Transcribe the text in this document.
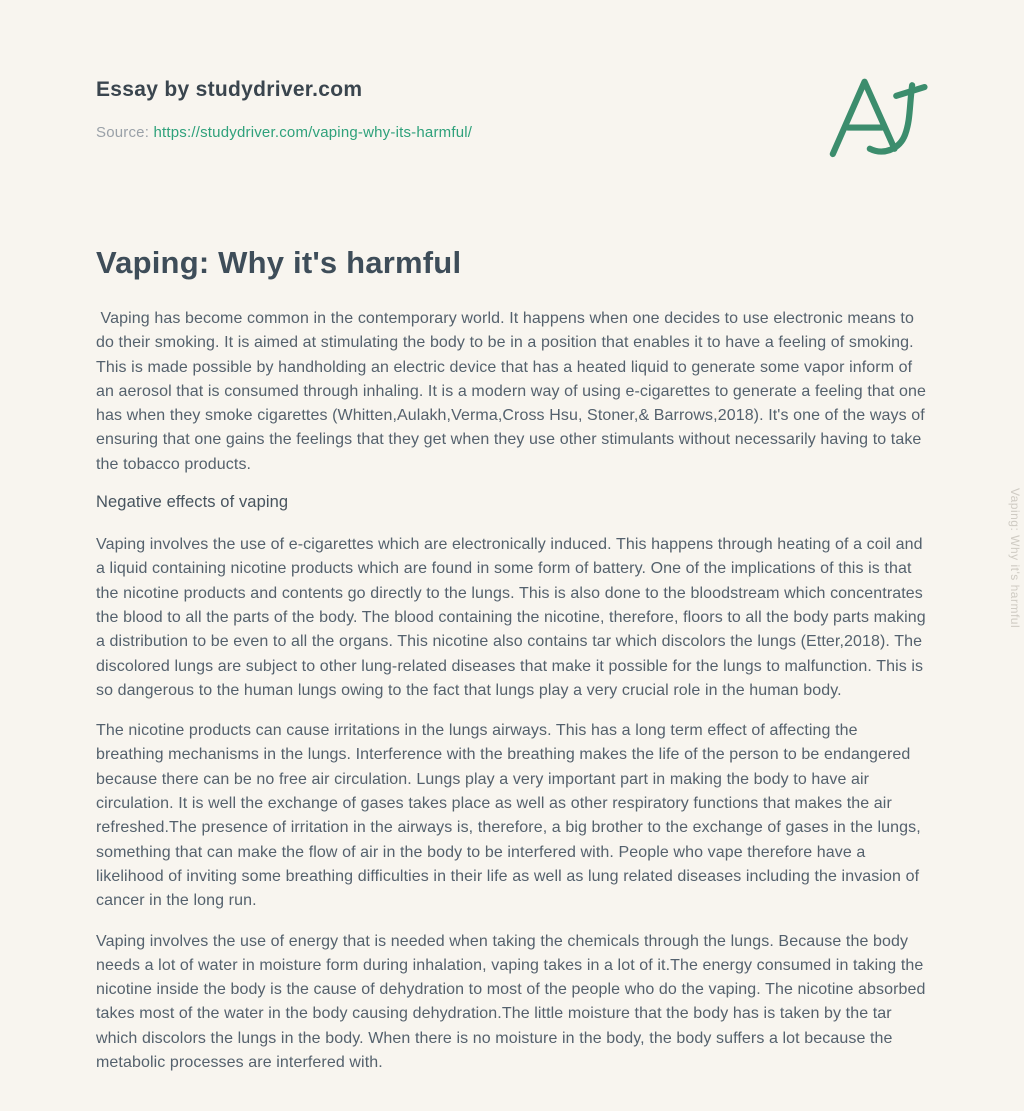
Essay by studydriver.com
Source: https://studydriver.com/vaping-why-its-harmful/
Vaping: Why it's harmful

Vaping has become common in the contemporary world. It happens when one decides to use electronic means to do their smoking. It is aimed at stimulating the body to be in a position that enables it to have a feeling of smoking. This is made possible by handholding an electric device that has a heated liquid to generate some vapor inform of an aerosol that is consumed through inhaling. It is a modern way of using e-cigarettes to generate a feeling that one has when they smoke cigarettes (Whitten,Aulakh,Verma,Cross Hsu, Stoner,& Barrows,2018). It's one of the ways of ensuring that one gains the feelings that they get when they use other stimulants without necessarily having to take the tobacco products.

Negative effects of vaping

Vaping involves the use of e-cigarettes which are electronically induced. This happens through heating of a coil and a liquid containing nicotine products which are found in some form of battery. One of the implications of this is that the nicotine products and contents go directly to the lungs. This is also done to the bloodstream which concentrates the blood to all the parts of the body. The blood containing the nicotine, therefore, floors to all the body parts making a distribution to be even to all the organs. This nicotine also contains tar which discolors the lungs (Etter,2018). The discolored lungs are subject to other lung-related diseases that make it possible for the lungs to malfunction. This is so dangerous to the human lungs owing to the fact that lungs play a very crucial role in the human body.

The nicotine products can cause irritations in the lungs airways. This has a long term effect of affecting the breathing mechanisms in the lungs. Interference with the breathing makes the life of the person to be endangered because there can be no free air circulation. Lungs play a very important part in making the body to have air circulation. It is well the exchange of gases takes place as well as other respiratory functions that makes the air refreshed.The presence of irritation in the airways is, therefore, a big brother to the exchange of gases in the lungs, something that can make the flow of air in the body to be interfered with. People who vape therefore have a likelihood of inviting some breathing difficulties in their life as well as lung related diseases including the invasion of cancer in the long run.

Vaping involves the use of energy that is needed when taking the chemicals through the lungs. Because the body needs a lot of water in moisture form during inhalation, vaping takes in a lot of it.The energy consumed in taking the nicotine inside the body is the cause of dehydration to most of the people who do the vaping. The nicotine absorbed takes most of the water in the body causing dehydration.The little moisture that the body has is taken by the tar which discolors the lungs in the body. When there is no moisture in the body, the body suffers a lot because the metabolic processes are interfered with.

Vaping: Why it's harmful
